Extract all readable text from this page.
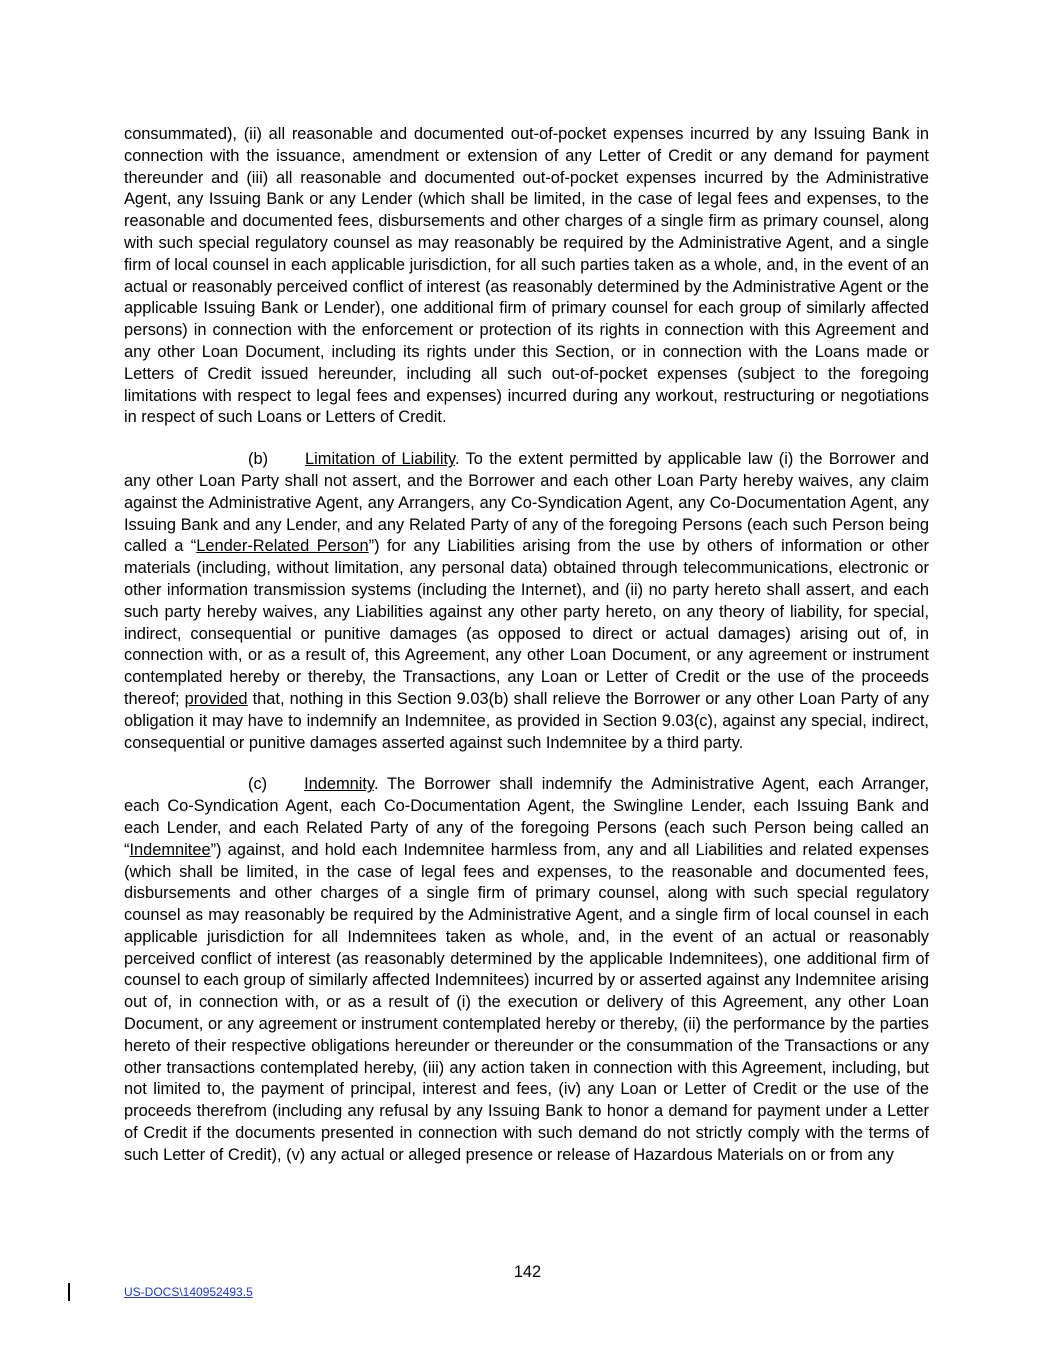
consummated), (ii) all reasonable and documented out-of-pocket expenses incurred by any Issuing Bank in connection with the issuance, amendment or extension of any Letter of Credit or any demand for payment thereunder and (iii) all reasonable and documented out-of-pocket expenses incurred by the Administrative Agent, any Issuing Bank or any Lender (which shall be limited, in the case of legal fees and expenses, to the reasonable and documented fees, disbursements and other charges of a single firm as primary counsel, along with such special regulatory counsel as may reasonably be required by the Administrative Agent, and a single firm of local counsel in each applicable jurisdiction, for all such parties taken as a whole, and, in the event of an actual or reasonably perceived conflict of interest (as reasonably determined by the Administrative Agent or the applicable Issuing Bank or Lender), one additional firm of primary counsel for each group of similarly affected persons) in connection with the enforcement or protection of its rights in connection with this Agreement and any other Loan Document, including its rights under this Section, or in connection with the Loans made or Letters of Credit issued hereunder, including all such out-of-pocket expenses (subject to the foregoing limitations with respect to legal fees and expenses) incurred during any workout, restructuring or negotiations in respect of such Loans or Letters of Credit.

(b) Limitation of Liability. To the extent permitted by applicable law (i) the Borrower and any other Loan Party shall not assert, and the Borrower and each other Loan Party hereby waives, any claim against the Administrative Agent, any Arrangers, any Co-Syndication Agent, any Co-Documentation Agent, any Issuing Bank and any Lender, and any Related Party of any of the foregoing Persons (each such Person being called a “Lender-Related Person”) for any Liabilities arising from the use by others of information or other materials (including, without limitation, any personal data) obtained through telecommunications, electronic or other information transmission systems (including the Internet), and (ii) no party hereto shall assert, and each such party hereby waives, any Liabilities against any other party hereto, on any theory of liability, for special, indirect, consequential or punitive damages (as opposed to direct or actual damages) arising out of, in connection with, or as a result of, this Agreement, any other Loan Document, or any agreement or instrument contemplated hereby or thereby, the Transactions, any Loan or Letter of Credit or the use of the proceeds thereof; provided that, nothing in this Section 9.03(b) shall relieve the Borrower or any other Loan Party of any obligation it may have to indemnify an Indemnitee, as provided in Section 9.03(c), against any special, indirect, consequential or punitive damages asserted against such Indemnitee by a third party.

(c) Indemnity. The Borrower shall indemnify the Administrative Agent, each Arranger, each Co-Syndication Agent, each Co-Documentation Agent, the Swingline Lender, each Issuing Bank and each Lender, and each Related Party of any of the foregoing Persons (each such Person being called an “Indemnitee”) against, and hold each Indemnitee harmless from, any and all Liabilities and related expenses (which shall be limited, in the case of legal fees and expenses, to the reasonable and documented fees, disbursements and other charges of a single firm of primary counsel, along with such special regulatory counsel as may reasonably be required by the Administrative Agent, and a single firm of local counsel in each applicable jurisdiction for all Indemnitees taken as whole, and, in the event of an actual or reasonably perceived conflict of interest (as reasonably determined by the applicable Indemnitees), one additional firm of counsel to each group of similarly affected Indemnitees) incurred by or asserted against any Indemnitee arising out of, in connection with, or as a result of (i) the execution or delivery of this Agreement, any other Loan Document, or any agreement or instrument contemplated hereby or thereby, (ii) the performance by the parties hereto of their respective obligations hereunder or thereunder or the consummation of the Transactions or any other transactions contemplated hereby, (iii) any action taken in connection with this Agreement, including, but not limited to, the payment of principal, interest and fees, (iv) any Loan or Letter of Credit or the use of the proceeds therefrom (including any refusal by any Issuing Bank to honor a demand for payment under a Letter of Credit if the documents presented in connection with such demand do not strictly comply with the terms of such Letter of Credit), (v) any actual or alleged presence or release of Hazardous Materials on or from any

142
US-DOCS\140952493.5
